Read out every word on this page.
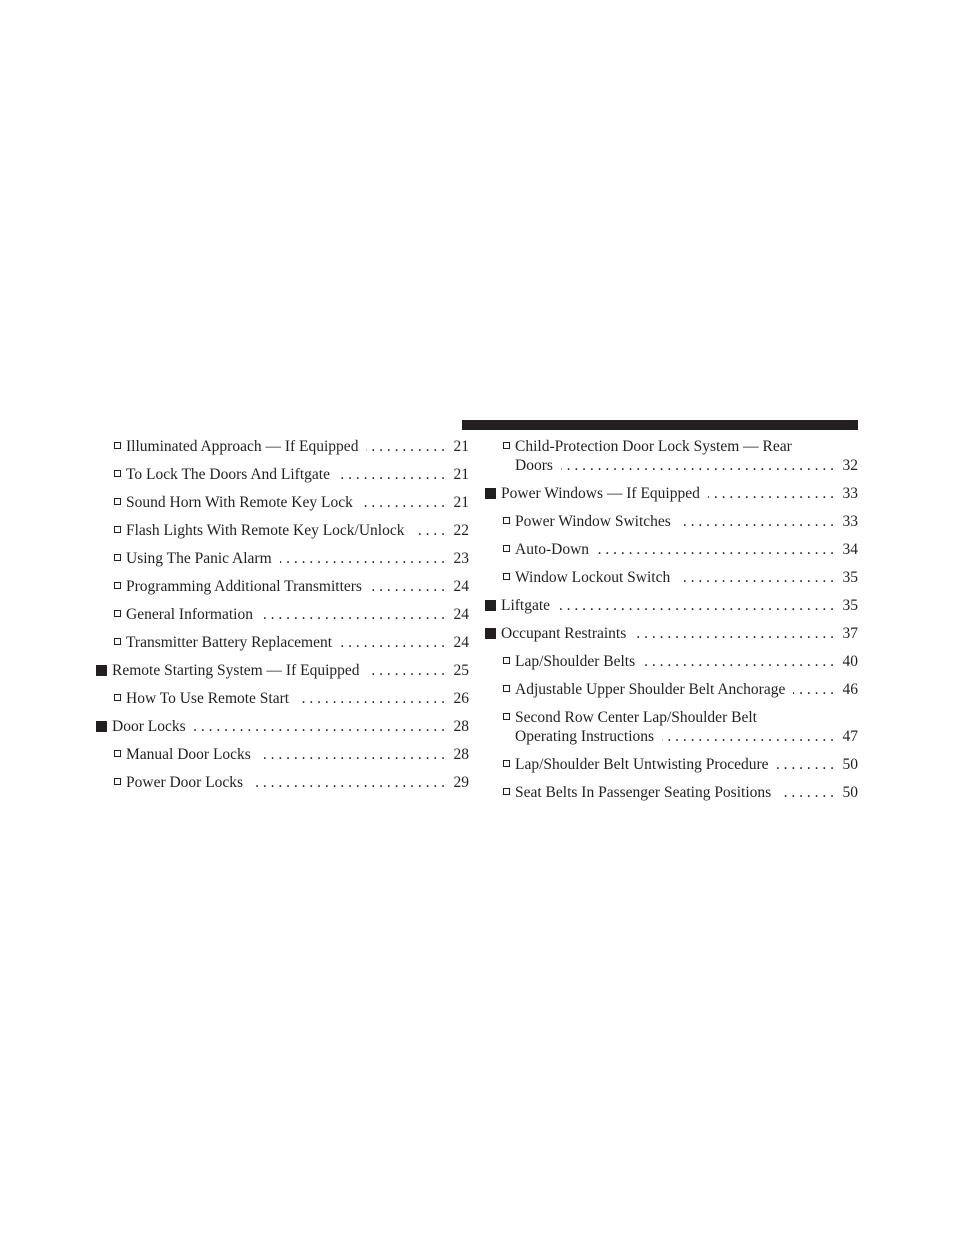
Illuminated Approach — If Equipped . . .	21
To Lock The Doors And Liftgate . . .	21
Sound Horn With Remote Key Lock . . .	21
Flash Lights With Remote Key Lock/Unlock . . .	22
Using The Panic Alarm . . .	23
Programming Additional Transmitters . . .	24
General Information . . .	24
Transmitter Battery Replacement . . .	24
Remote Starting System — If Equipped . . .	25
How To Use Remote Start . . .	26
Door Locks . . .	28
Manual Door Locks . . .	28
Power Door Locks . . .	29
Child-Protection Door Lock System — Rear
Doors . . .	32
Power Windows — If Equipped . . .	33
Power Window Switches . . .	33
Auto-Down . . .	34
Window Lockout Switch . . .	35
Liftgate . . .	35
Occupant Restraints . . .	37
Lap/Shoulder Belts . . .	40
Adjustable Upper Shoulder Belt Anchorage . . .	46
Second Row Center Lap/Shoulder Belt
Operating Instructions . . .	47
Lap/Shoulder Belt Untwisting Procedure . . .	50
Seat Belts In Passenger Seating Positions . . .	50
